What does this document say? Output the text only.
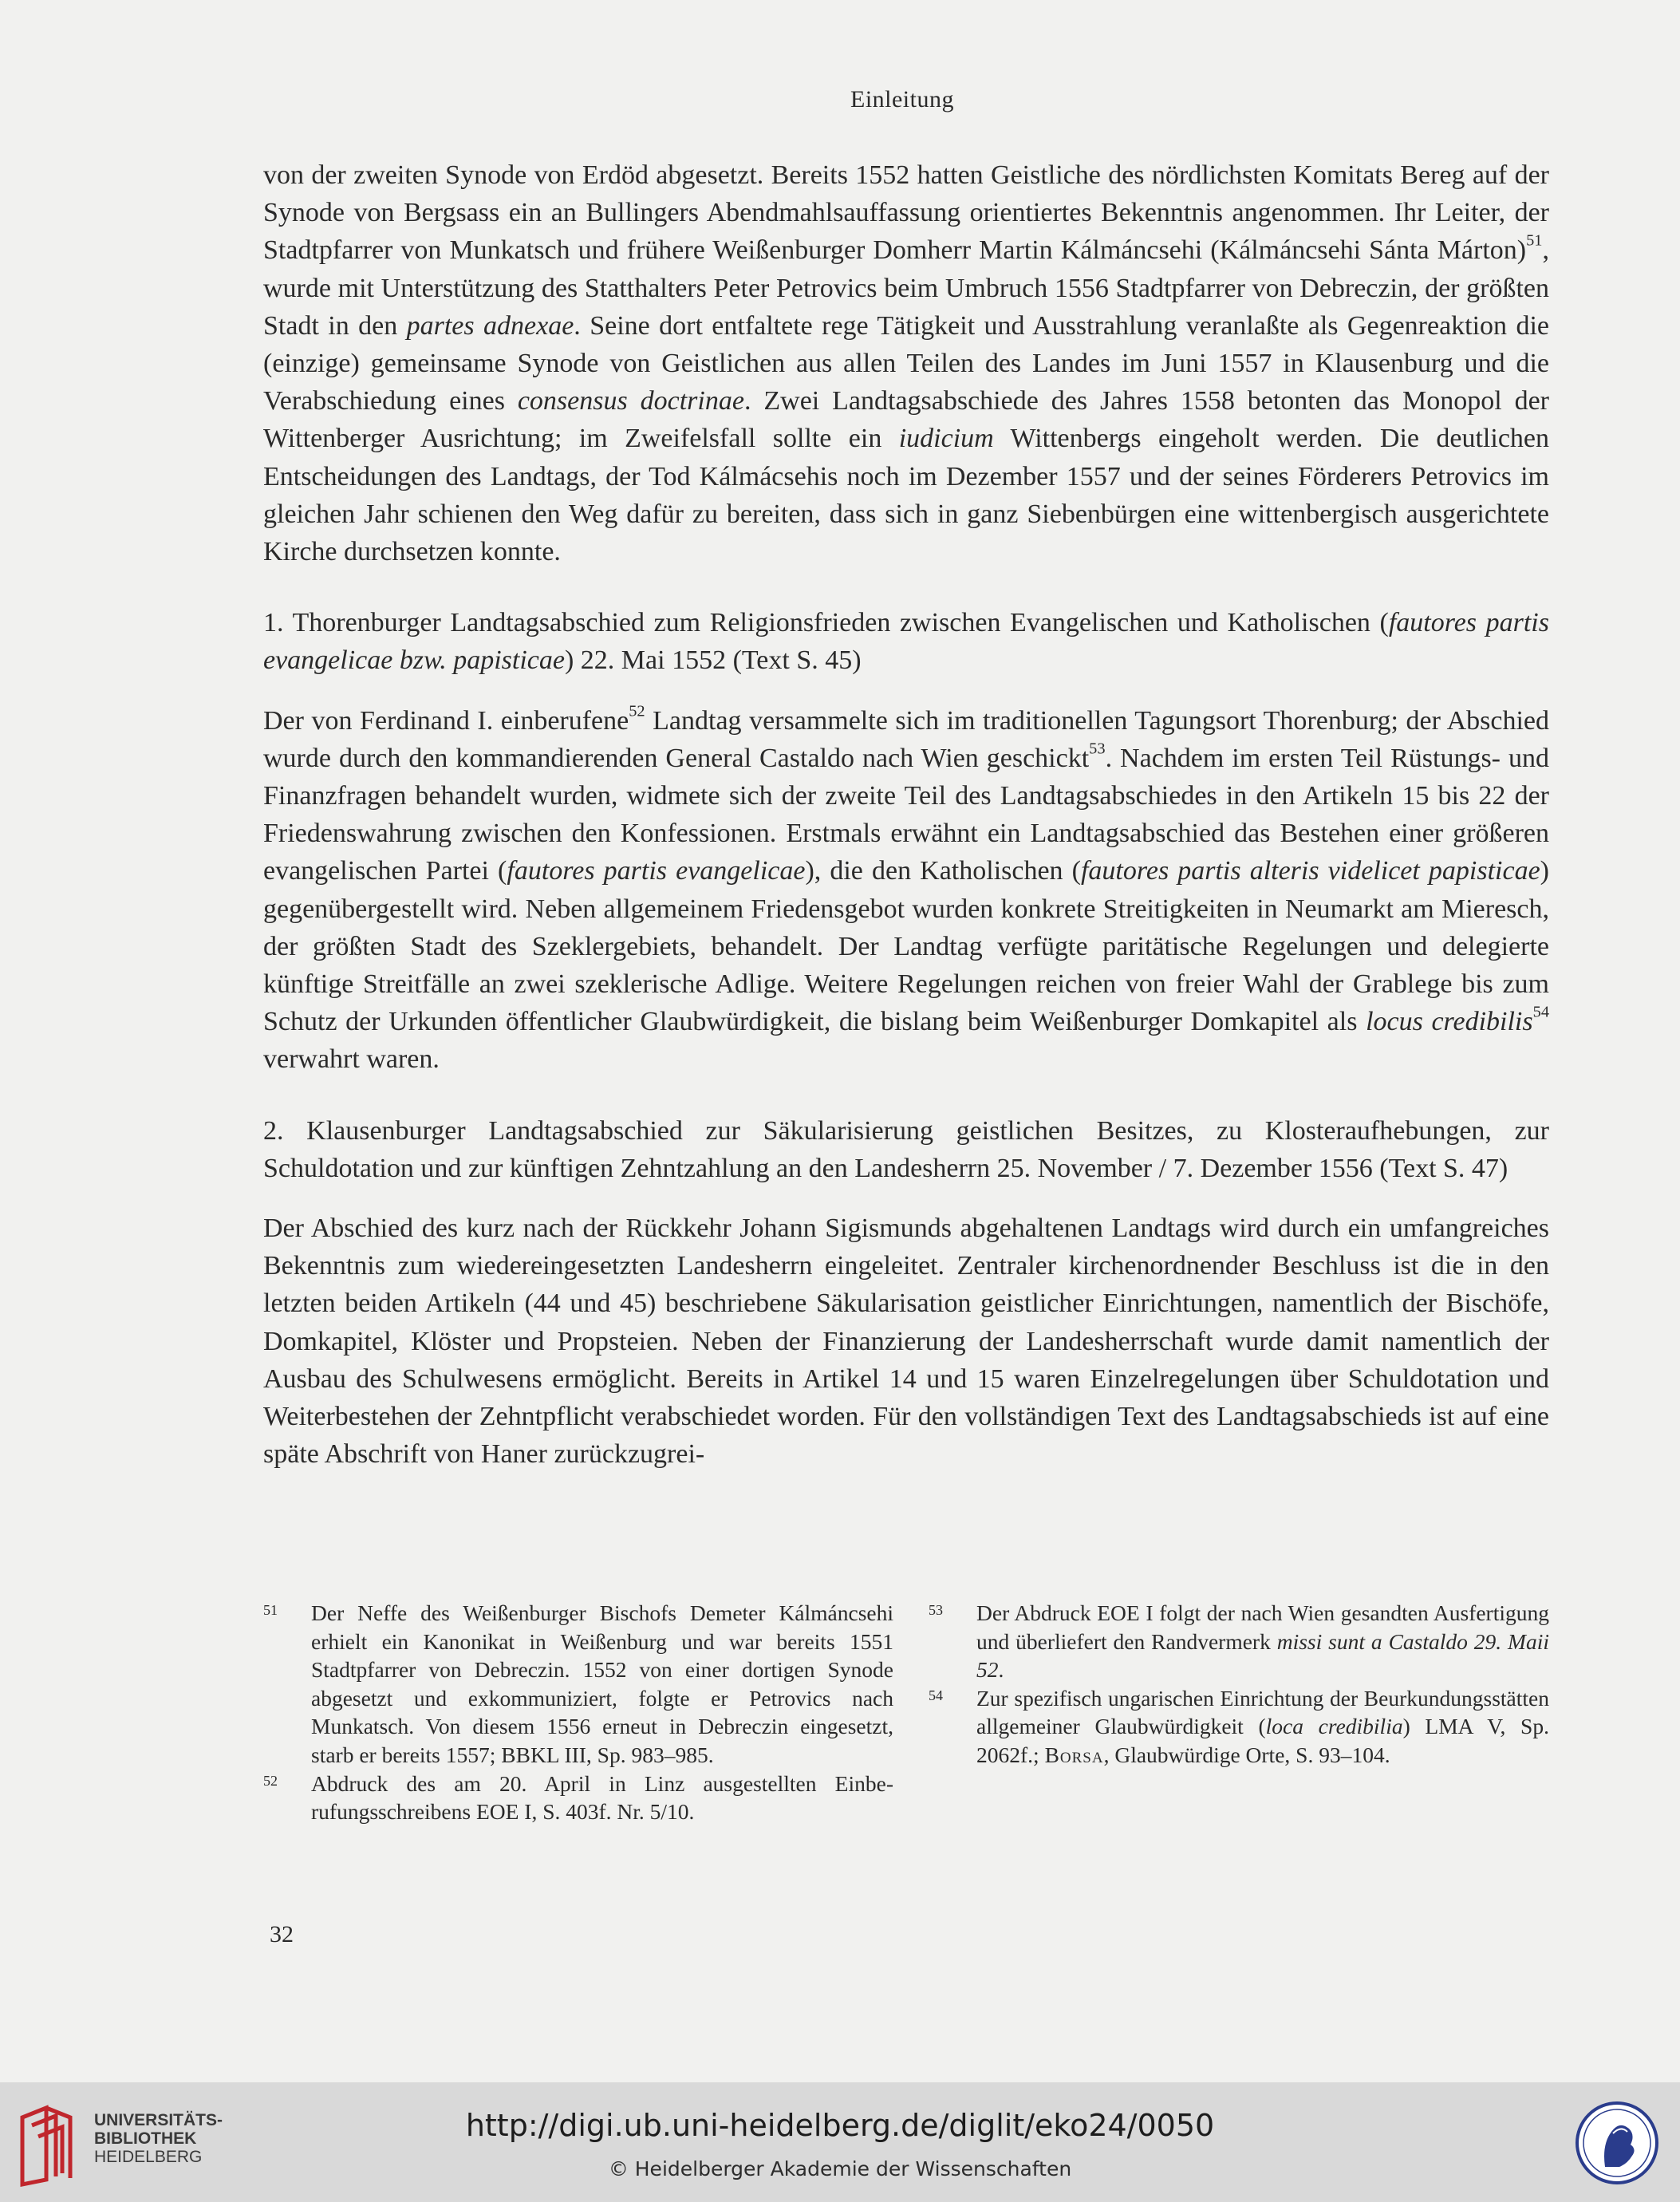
Einleitung

von der zweiten Synode von Erdöd abgesetzt. Bereits 1552 hatten Geistliche des nördlichsten Komitats Bereg auf der Synode von Bergsass ein an Bullingers Abendmahlsauffassung orientiertes Bekenntnis angenommen. Ihr Leiter, der Stadtpfarrer von Munkatsch und frühere Weißenburger Domherr Martin Kálmáncsehi (Kálmáncsehi Sánta Márton)$^{51}$, wurde mit Unterstützung des Statthalters Peter Petrovics beim Umbruch 1556 Stadtpfarrer von Debreczin, der größten Stadt in den partes adnexae. Seine dort entfaltete rege Tätigkeit und Ausstrahlung veranlaßte als Gegenreaktion die (einzige) gemeinsame Synode von Geistlichen aus allen Teilen des Landes im Juni 1557 in Klausenburg und die Verabschiedung eines consensus doctrinae. Zwei Landtagsabschiede des Jahres 1558 betonten das Monopol der Wittenberger Ausrichtung; im Zweifelsfall sollte ein iudicium Wittenbergs eingeholt werden. Die deutlichen Entscheidungen des Landtags, der Tod Kálmácsehis noch im Dezember 1557 und der seines Förderers Petrovics im gleichen Jahr schienen den Weg dafür zu bereiten, dass sich in ganz Siebenbürgen eine wittenbergisch ausgerichtete Kirche durchsetzen konnte.

1. Thorenburger Landtagsabschied zum Religionsfrieden zwischen Evangelischen und Katholischen (fautores partis evangelicae bzw. papisticae) 22. Mai 1552 (Text S. 45)

Der von Ferdinand I. einberufene$^{52}$ Landtag versammelte sich im traditionellen Tagungsort Thorenburg; der Abschied wurde durch den kommandierenden General Castaldo nach Wien geschickt$^{53}$. Nachdem im ersten Teil Rüstungs- und Finanzfragen behandelt wurden, widmete sich der zweite Teil des Landtagsabschiedes in den Artikeln 15 bis 22 der Friedenswahrung zwischen den Konfessionen. Erstmals erwähnt ein Landtagsabschied das Bestehen einer größeren evangelischen Partei (fautores partis evangelicae), die den Katholischen (fautores partis alteris videlicet papisticae) gegenübergestellt wird. Neben allgemeinem Friedensgebot wurden konkrete Streitigkeiten in Neumarkt am Mieresch, der größten Stadt des Szeklergebiets, behandelt. Der Landtag verfügte paritätische Regelungen und delegierte künftige Streitfälle an zwei szeklerische Adlige. Weitere Regelungen reichen von freier Wahl der Grablege bis zum Schutz der Urkunden öffentlicher Glaubwürdigkeit, die bislang beim Weißenburger Domkapitel als locus credibilis$^{54}$ verwahrt waren.

2. Klausenburger Landtagsabschied zur Säkularisierung geistlichen Besitzes, zu Klosteraufhebungen, zur Schuldotation und zur künftigen Zehntzahlung an den Landesherrn 25. November / 7. Dezember 1556 (Text S. 47)

Der Abschied des kurz nach der Rückkehr Johann Sigismunds abgehaltenen Landtags wird durch ein umfangreiches Bekenntnis zum wiedereingesetzten Landesherrn eingeleitet. Zentraler kirchenordnender Beschluss ist die in den letzten beiden Artikeln (44 und 45) beschriebene Säkularisation geistlicher Einrichtungen, namentlich der Bischöfe, Domkapitel, Klöster und Propsteien. Neben der Finanzierung der Landesherrschaft wurde damit namentlich der Ausbau des Schulwesens ermöglicht. Bereits in Artikel 14 und 15 waren Einzelregelungen über Schuldotation und Weiterbestehen der Zehntpflicht verabschiedet worden. Für den vollständigen Text des Landtagsabschieds ist auf eine späte Abschrift von Haner zurückzugrei-

51	Der Neffe des Weißenburger Bischofs Demeter Kálmáncsehi erhielt ein Kanonikat in Weißenburg und war bereits 1551 Stadtpfarrer von Debreczin. 1552 von einer dortigen Synode abgesetzt und exkommuniziert, folgte er Petrovics nach Munkatsch. Von diesem 1556 erneut in Debreczin eingesetzt, starb er bereits 1557; BBKL III, Sp. 983–985.
52	Abdruck des am 20. April in Linz ausgestellten Einberufungsschreibens EOE I, S. 403f. Nr. 5/10.
53	Der Abdruck EOE I folgt der nach Wien gesandten Ausfertigung und überliefert den Randvermerk missi sunt a Castaldo 29. Maii 52.
54	Zur spezifisch ungarischen Einrichtung der Beurkundungsstätten allgemeiner Glaubwürdigkeit (loca credibilia) LMA V, Sp. 2062f.; Borsa, Glaubwürdige Orte, S. 93–104.
32
UNIVERSITÄTS-
BIBLIOTHEK
HEIDELBERG
http://digi.ub.uni-heidelberg.de/diglit/eko24/0050
© Heidelberger Akademie der Wissenschaften
